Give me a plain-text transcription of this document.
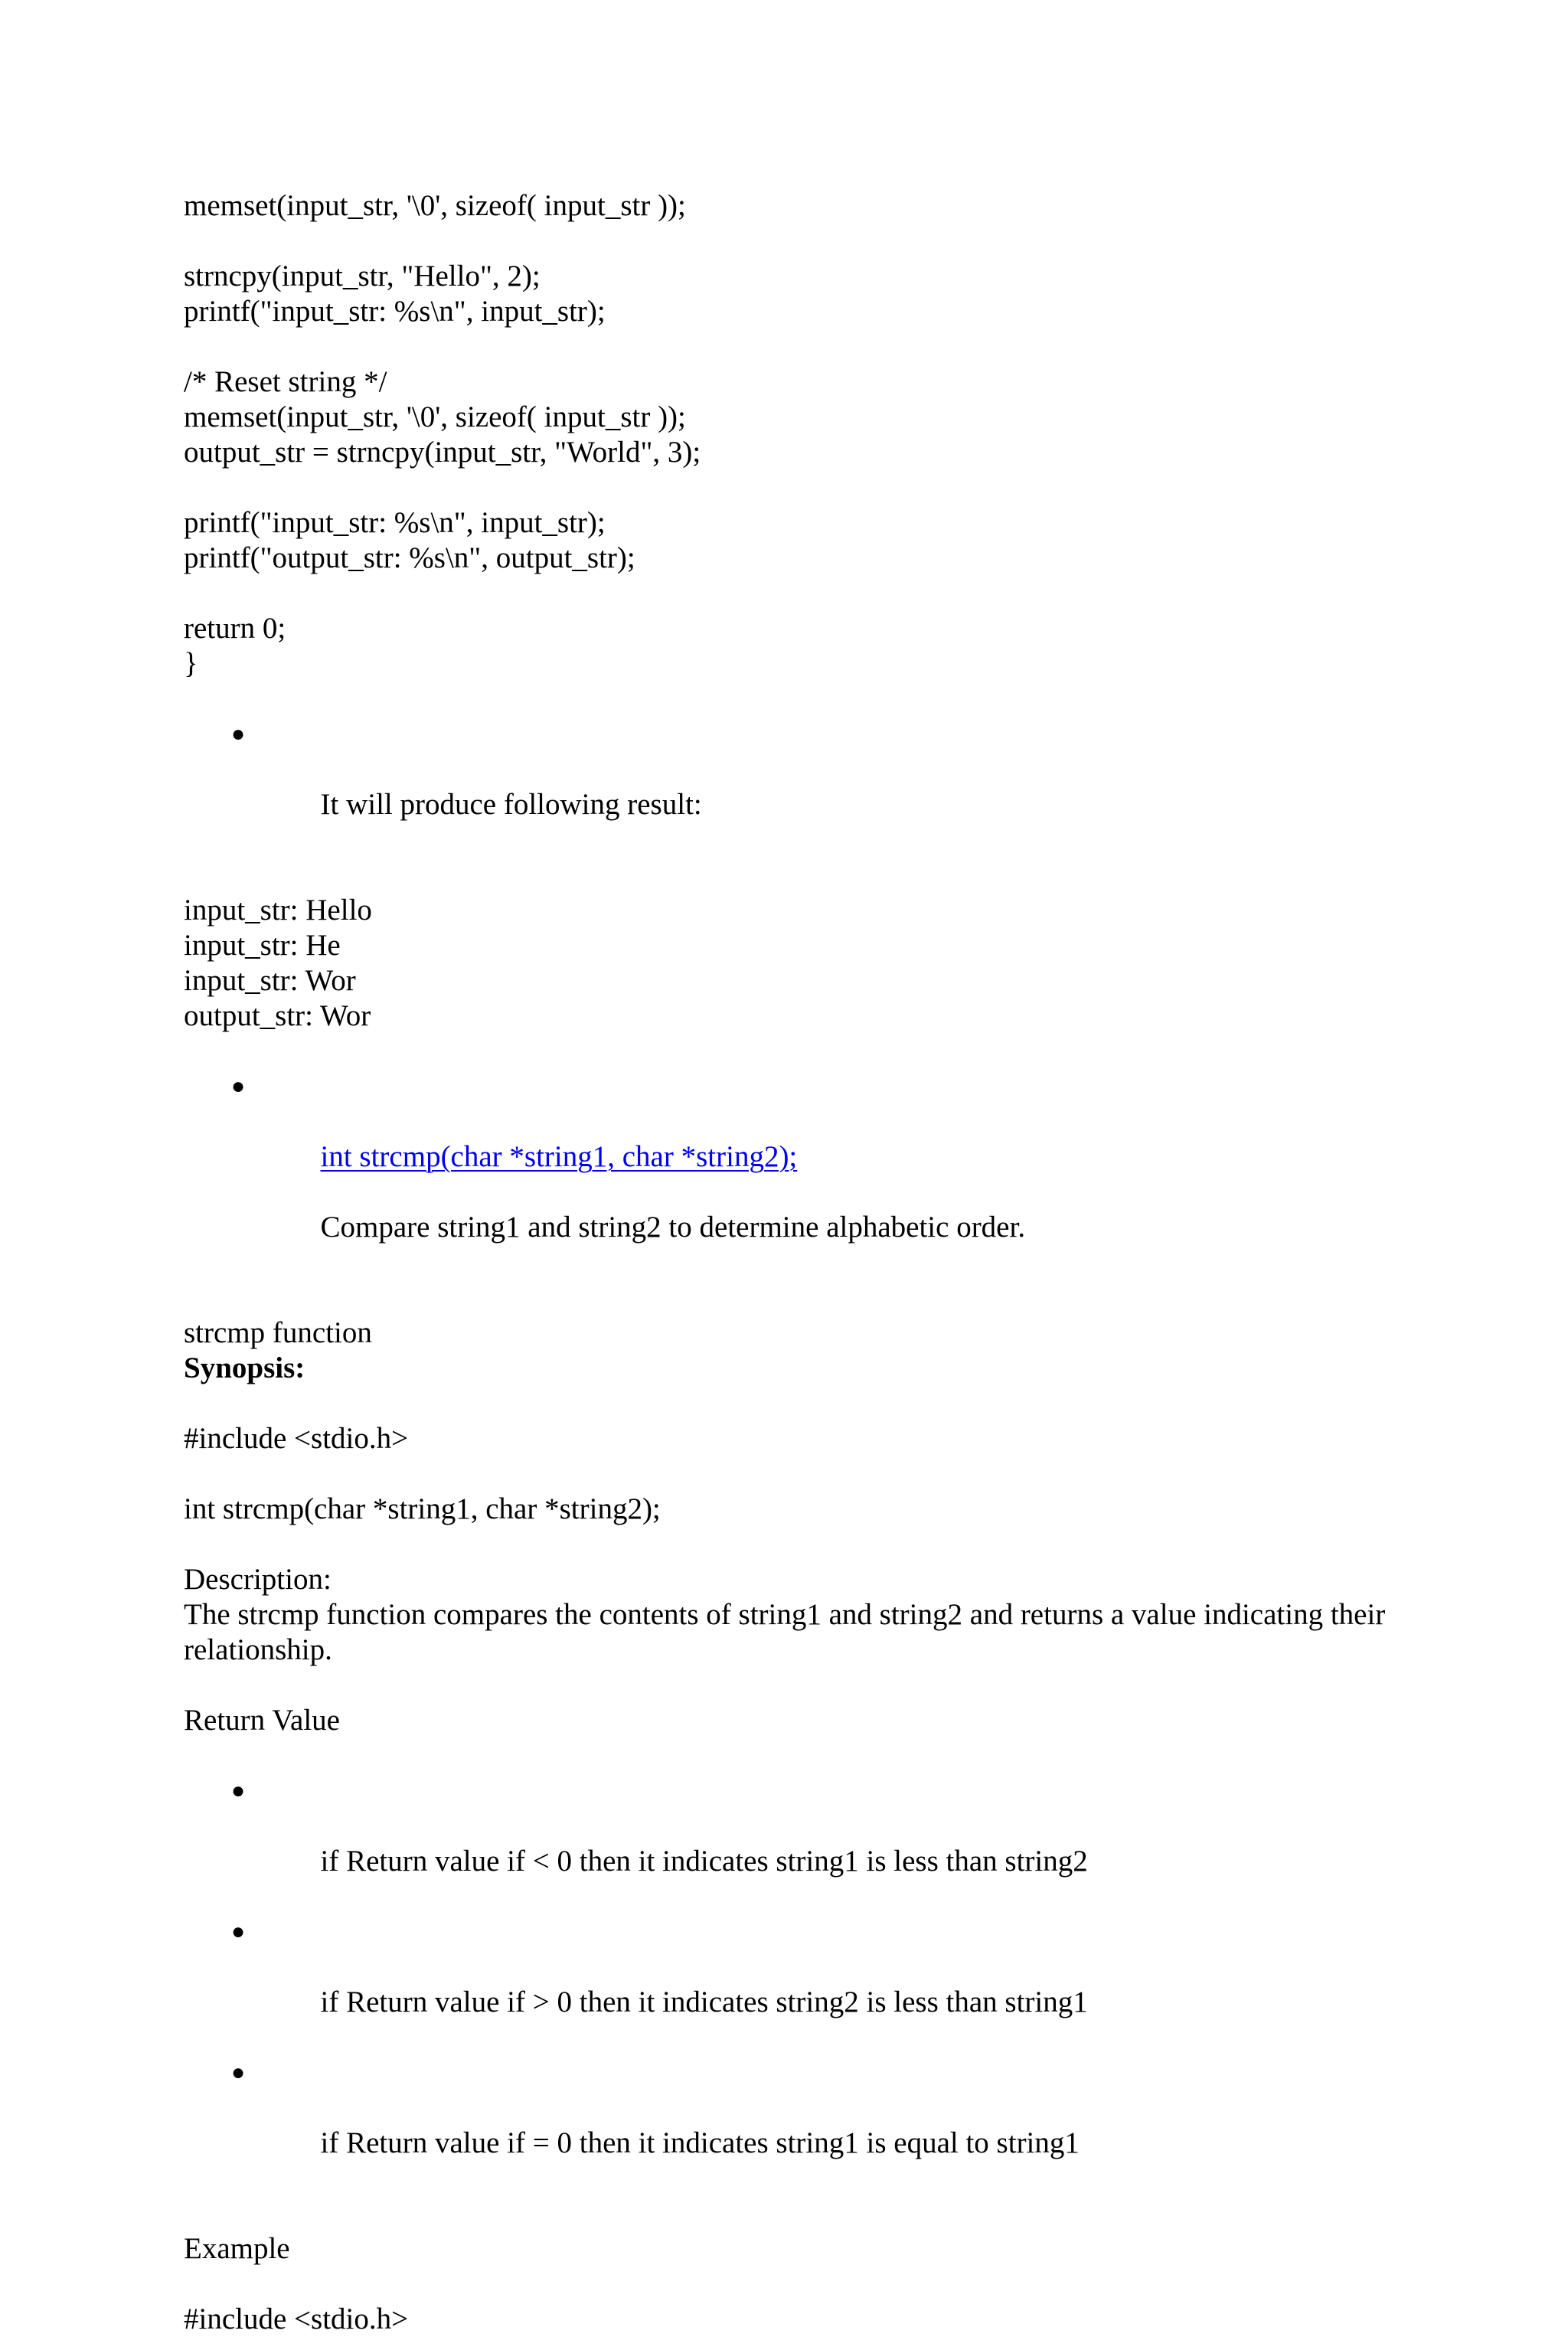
memset(input_str, '\0', sizeof( input_str ));
strncpy(input_str, "Hello", 2);
printf("input_str: %s\n", input_str);
/* Reset string */
memset(input_str, '\0', sizeof( input_str ));
output_str = strncpy(input_str, "World", 3);
printf("input_str: %s\n", input_str);
printf("output_str: %s\n", output_str);
return 0;
}

●

It will produce following result:

input_str: Hello
input_str: He
input_str: Wor
output_str: Wor

●

int strcmp(char *string1, char *string2);

Compare string1 and string2 to determine alphabetic order.

strcmp function
Synopsis:
#include <stdio.h>
int strcmp(char *string1, char *string2);
Description:
The strcmp function compares the contents of string1 and string2 and returns a value indicating their relationship.
Return Value

●

if Return value if < 0 then it indicates string1 is less than string2

●

if Return value if > 0 then it indicates string2 is less than string1

●

if Return value if = 0 then it indicates string1 is equal to string1

Example
#include <stdio.h>
